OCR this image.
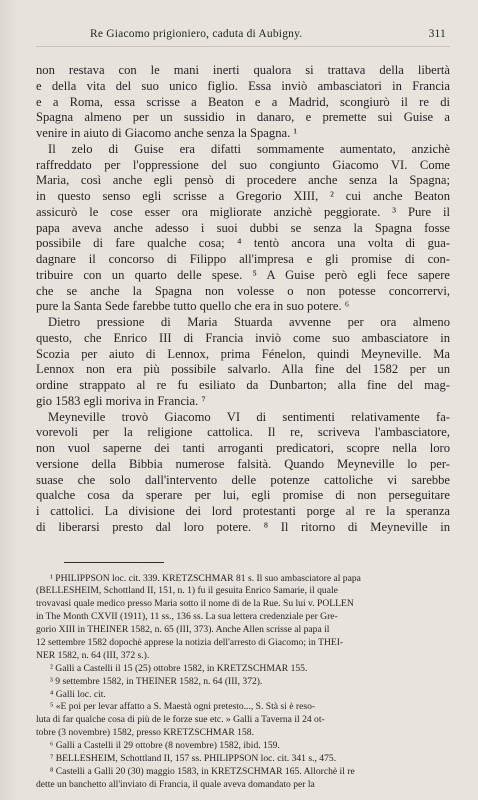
Re Giacomo prigioniero, caduta di Aubigny.	311
non restava con le mani inerti qualora si trattava della libertà
e della vita del suo unico figlio. Essa inviò ambasciatori in Francia
e a Roma, essa scrisse a Beaton e a Madrid, scongiurò il re di
Spagna almeno per un sussidio in danaro, e premette sui Guise a
venire in aiuto di Giacomo anche senza la Spagna. ¹
Il zelo di Guise era difatti sommamente aumentato, anzichè
raffreddato per l'oppressione del suo congiunto Giacomo VI. Come
Maria, così anche egli pensò di procedere anche senza la Spagna;
in questo senso egli scrisse a Gregorio XIII, ² cui anche Beaton
assicurò le cose esser ora migliorate anzichè peggiorate. ³ Pure il
papa aveva anche adesso i suoi dubbi se senza la Spagna fosse
possibile di fare qualche cosa; ⁴ tentò ancora una volta di gua-
dagnare il concorso di Filippo all'impresa e gli promise di con-
tribuire con un quarto delle spese. ⁵ A Guise però egli fece sapere
che se anche la Spagna non volesse o non potesse concorrervi,
pure la Santa Sede farebbe tutto quello che era in suo potere. ⁶
Dietro pressione di Maria Stuarda avvenne per ora almeno
questo, che Enrico III di Francia inviò come suo ambasciatore in
Scozia per aiuto di Lennox, prima Fénelon, quindi Meyneville. Ma
Lennox non era più possibile salvarlo. Alla fine del 1582 per un
ordine strappato al re fu esiliato da Dunbarton; alla fine del mag-
gio 1583 egli moriva in Francia. ⁷
Meyneville trovò Giacomo VI di sentimenti relativamente fa-
vorevoli per la religione cattolica. Il re, scriveva l'ambasciatore,
non vuol saperne dei tanti arroganti predicatori, scopre nella loro
versione della Bibbia numerose falsità. Quando Meyneville lo per-
suase che solo dall'intervento delle potenze cattoliche vi sarebbe
qualche cosa da sperare per lui, egli promise di non perseguitare
i cattolici. La divisione dei lord protestanti porge al re la speranza
di liberarsi presto dal loro potere. ⁸ Il ritorno di Meyneville in
¹ PHILIPPSON loc. cit. 339. KRETZSCHMAR 81 s. Il suo ambasciatore al papa
(BELLESHEIM, Schottland II, 151, n. 1) fu il gesuita Enrico Samarie, il quale
trovavasi quale medico presso Maria sotto il nome di de la Rue. Su lui v. POLLEN
in The Month CXVII (1911), 11 ss., 136 ss. La sua lettera credenziale per Gre-
gorio XIII in THEINER 1582, n. 65 (III, 373). Anche Allen scrisse al papa il
12 settembre 1582 dopochè apprese la notizia dell'arresto di Giacomo; in THEI-
NER 1582, n. 64 (III, 372 s.).
² Galli a Castelli il 15 (25) ottobre 1582, in KRETZSCHMAR 155.
³ 9 settembre 1582, in THEINER 1582, n. 64 (III, 372).
⁴ Galli loc. cit.
⁵ «E poi per levar affatto a S. Maestà ogni pretesto..., S. Stà si è reso-
luta di far qualche cosa di più de le forze sue etc. » Galli a Taverna il 24 ot-
tobre (3 novembre) 1582, presso KRETZSCHMAR 158.
⁶ Galli a Castelli il 29 ottobre (8 novembre) 1582, ibid. 159.
⁷ BELLESHEIM, Schottland II, 157 ss. PHILIPPSON loc. cit. 341 s., 475.
⁸ Castelli a Galli 20 (30) maggio 1583, in KRETZSCHMAR 165. Allorchè il re
dette un banchetto all'inviato di Francia, il quale aveva domandato per la
